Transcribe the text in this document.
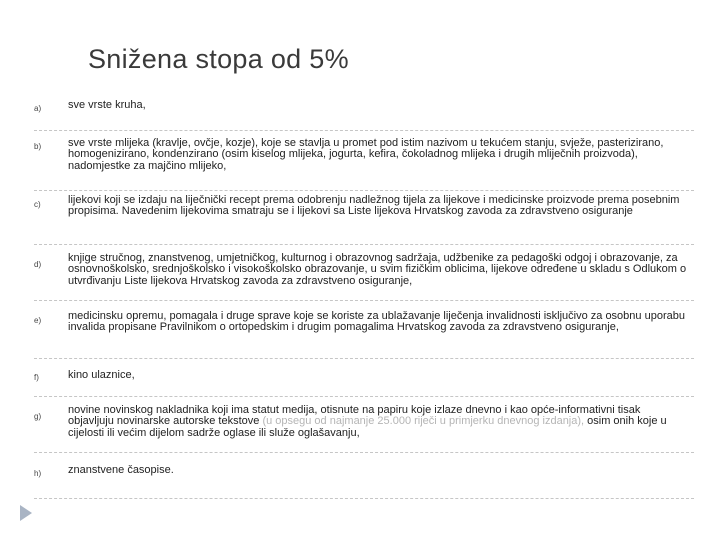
Snižena stopa od 5%
a) sve vrste kruha,
b) sve vrste mlijeka (kravlje, ovčje, kozje), koje se stavlja u promet pod istim nazivom u tekućem stanju, svježe, pasterizirano, homogenizirano, kondenzirano (osim kiselog mlijeka, jogurta, kefira, čokoladnog mlijeka i drugih mliječnih proizvoda), nadomjestke za majčino mlijeko,
c) lijekovi koji se izdaju na liječnički recept prema odobrenju nadležnog tijela za lijekove i medicinske proizvode prema posebnim propisima. Navedenim lijekovima smatraju se i lijekovi sa Liste lijekova Hrvatskog zavoda za zdravstveno osiguranje
d)
knjige stručnog, znanstvenog, umjetničkog, kulturnog i obrazovnog sadržaja, udžbenike za pedagoški odgoj i obrazovanje, za osnovnoškolsko, srednjoškolsko i visokoškolsko obrazovanje, u svim fizičkim oblicima, lijekove određene u skladu s Odlukom o utvrđivanju Liste lijekova Hrvatskog zavoda za zdravstveno osiguranje,
e) medicinsku opremu, pomagala i druge sprave koje se koriste za ublažavanje liječenja invalidnosti isključivo za osobnu uporabu invalida propisane Pravilnikom o ortopedskim i drugim pomagalima Hrvatskog zavoda za zdravstveno osiguranje,
f)	kino ulaznice,
g)
novine novinskog nakladnika koji ima statut medija, otisnute na papiru koje izlaze dnevno i kao opće-informativni tisak objavljuju novinarske autorske tekstove (u opsegu od najmanje 25.000 riječi u primjerku dnevnog izdanja), osim onih koje u cijelosti ili većim dijelom sadrže oglase ili služe oglašavanju,
h) znanstvene časopise.
